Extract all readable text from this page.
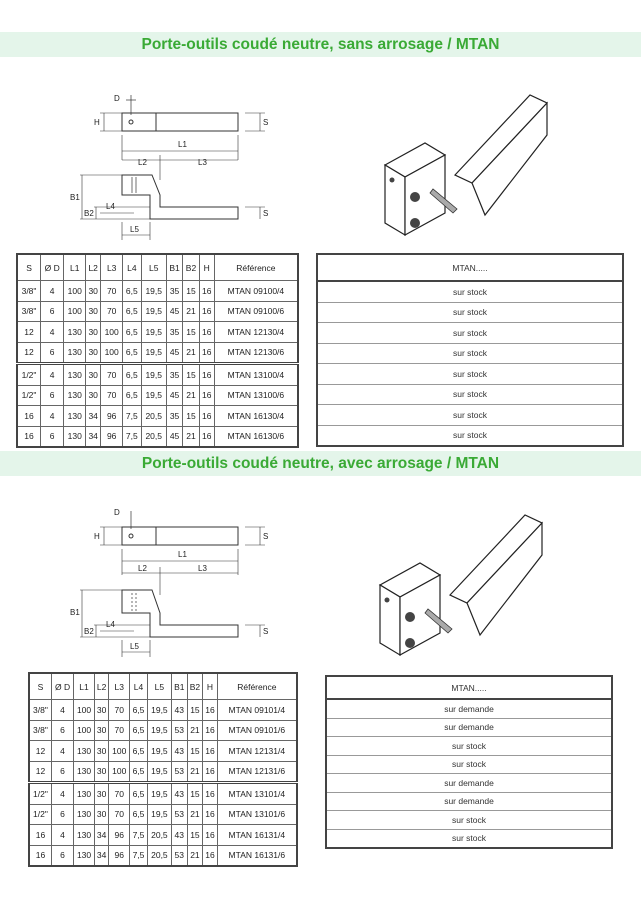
Porte-outils coudé neutre, sans arrosage / MTAN
D
H	S
L1
L2	L3
B1
B2
L4
L5
S
S	Ø D	L1	L2	L3	L4	L5	B1	B2	H	Référence
3/8"	4	100	30	70	6,5	19,5	35	15	16	MTAN 09100/4
3/8"	6	100	30	70	6,5	19,5	45	21	16	MTAN 09100/6
12	4	130	30	100	6,5	19,5	35	15	16	MTAN 12130/4
12	6	130	30	100	6,5	19,5	45	21	16	MTAN 12130/6
1/2"	4	130	30	70	6,5	19,5	35	15	16	MTAN 13100/4
1/2"	6	130	30	70	6,5	19,5	45	21	16	MTAN 13100/6
16	4	130	34	96	7,5	20,5	35	15	16	MTAN 16130/4
16	6	130	34	96	7,5	20,5	45	21	16	MTAN 16130/6
MTAN.....
sur stock
sur stock
sur stock
sur stock
sur stock
sur stock
sur stock
sur stock
Porte-outils coudé neutre, avec arrosage / MTAN
D
H	S
L1
L2	L3
B1
B2
L4
L5
S
S	Ø D	L1	L2	L3	L4	L5	B1	B2	H	Référence
3/8"	4	100	30	70	6,5	19,5	43	15	16	MTAN 09101/4
3/8"	6	100	30	70	6,5	19,5	53	21	16	MTAN 09101/6
12	4	130	30	100	6,5	19,5	43	15	16	MTAN 12131/4
12	6	130	30	100	6,5	19,5	53	21	16	MTAN 12131/6
1/2"	4	130	30	70	6,5	19,5	43	15	16	MTAN 13101/4
1/2"	6	130	30	70	6,5	19,5	53	21	16	MTAN 13101/6
16	4	130	34	96	7,5	20,5	43	15	16	MTAN 16131/4
16	6	130	34	96	7,5	20,5	53	21	16	MTAN 16131/6
MTAN.....
sur demande
sur demande
sur stock
sur stock
sur demande
sur demande
sur stock
sur stock
